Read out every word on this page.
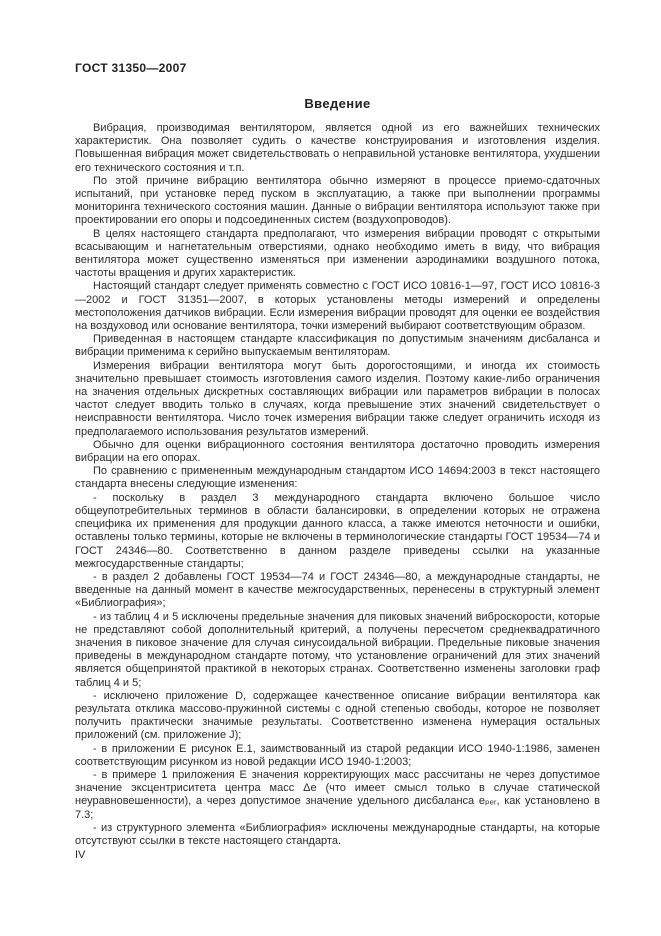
ГОСТ 31350—2007
Введение

Вибрация, производимая вентилятором, является одной из его важнейших технических характеристик. Она позволяет судить о качестве конструирования и изготовления изделия. Повышенная вибрация может свидетельствовать о неправильной установке вентилятора, ухудшении его технического состояния и т.п.

По этой причине вибрацию вентилятора обычно измеряют в процессе приемо-сдаточных испытаний, при установке перед пуском в эксплуатацию, а также при выполнении программы мониторинга технического состояния машин. Данные о вибрации вентилятора используют также при проектировании его опоры и подсоединенных систем (воздухопроводов).

В целях настоящего стандарта предполагают, что измерения вибрации проводят с открытыми всасывающим и нагнетательным отверстиями, однако необходимо иметь в виду, что вибрация вентилятора может существенно изменяться при изменении аэродинамики воздушного потока, частоты вращения и других характеристик.

Настоящий стандарт следует применять совместно с ГОСТ ИСО 10816-1—97, ГОСТ ИСО 10816-3—2002 и ГОСТ 31351—2007, в которых установлены методы измерений и определены местоположения датчиков вибрации. Если измерения вибрации проводят для оценки ее воздействия на воздуховод или основание вентилятора, точки измерений выбирают соответствующим образом.

Приведенная в настоящем стандарте классификация по допустимым значениям дисбаланса и вибрации применима к серийно выпускаемым вентиляторам.

Измерения вибрации вентилятора могут быть дорогостоящими, и иногда их стоимость значительно превышает стоимость изготовления самого изделия. Поэтому какие-либо ограничения на значения отдельных дискретных составляющих вибрации или параметров вибрации в полосах частот следует вводить только в случаях, когда превышение этих значений свидетельствует о неисправности вентилятора. Число точек измерения вибрации также следует ограничить исходя из предполагаемого использования результатов измерений.

Обычно для оценки вибрационного состояния вентилятора достаточно проводить измерения вибрации на его опорах.

По сравнению с примененным международным стандартом ИСО 14694:2003 в текст настоящего стандарта внесены следующие изменения:

- поскольку в раздел 3 международного стандарта включено большое число общеупотребительных терминов в области балансировки, в определении которых не отражена специфика их применения для продукции данного класса, а также имеются неточности и ошибки, оставлены только термины, которые не включены в терминологические стандарты ГОСТ 19534—74 и ГОСТ 24346—80. Соответственно в данном разделе приведены ссылки на указанные межгосударственные стандарты;

- в раздел 2 добавлены ГОСТ 19534—74 и ГОСТ 24346—80, а международные стандарты, не введенные на данный момент в качестве межгосударственных, перенесены в структурный элемент «Библиография»;

- из таблиц 4 и 5 исключены предельные значения для пиковых значений виброскорости, которые не представляют собой дополнительный критерий, а получены пересчетом среднеквадратичного значения в пиковое значение для случая синусоидальной вибрации. Предельные пиковые значения приведены в международном стандарте потому, что установление ограничений для этих значений является общепринятой практикой в некоторых странах. Соответственно изменены заголовки граф таблиц 4 и 5;

- исключено приложение D, содержащее качественное описание вибрации вентилятора как результата отклика массово-пружинной системы с одной степенью свободы, которое не позволяет получить практически значимые результаты. Соответственно изменена нумерация остальных приложений (см. приложение J);

- в приложении Е рисунок Е.1, заимствованный из старой редакции ИСО 1940-1:1986, заменен соответствующим рисунком из новой редакции ИСО 1940-1:2003;

- в примере 1 приложения Е значения корректирующих масс рассчитаны не через допустимое значение эксцентриситета центра масс Δе (что имеет смысл только в случае статической неуравновешенности), а через допустимое значение удельного дисбаланса eₚₑᵣ, как установлено в 7.3;

- из структурного элемента «Библиография» исключены международные стандарты, на которые отсутствуют ссылки в тексте настоящего стандарта.

IV
